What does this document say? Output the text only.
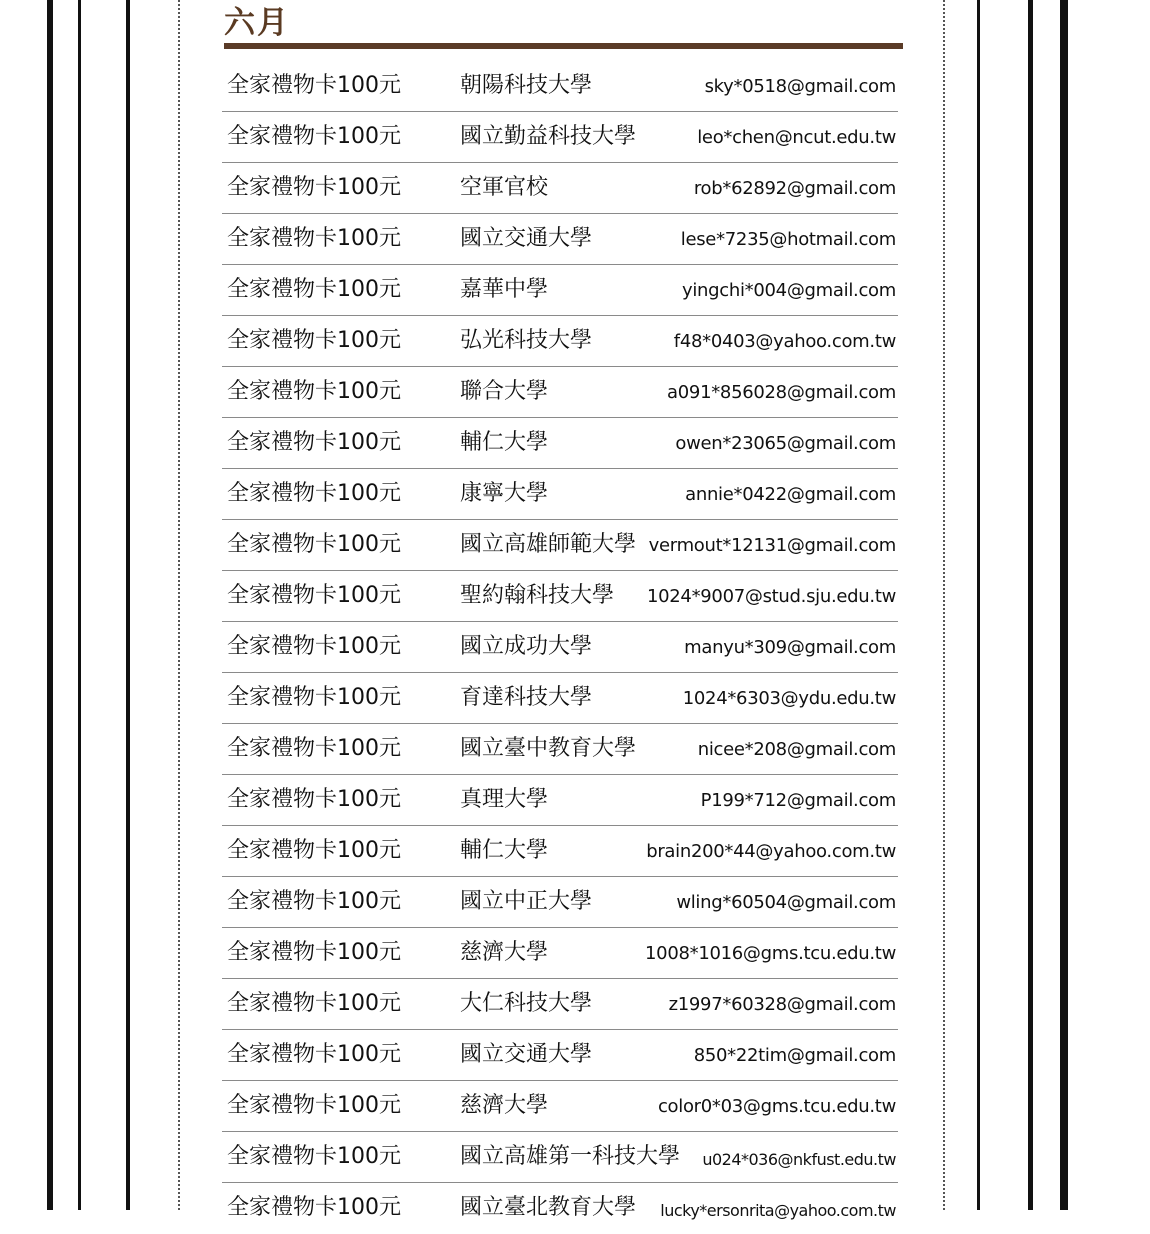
六月
全家禮物卡100元	朝陽科技大學	sky*0518@gmail.com
全家禮物卡100元	國立勤益科技大學	leo*chen@ncut.edu.tw
全家禮物卡100元	空軍官校	rob*62892@gmail.com
全家禮物卡100元	國立交通大學	lese*7235@hotmail.com
全家禮物卡100元	嘉華中學	yingchi*004@gmail.com
全家禮物卡100元	弘光科技大學	f48*0403@yahoo.com.tw
全家禮物卡100元	聯合大學	a091*856028@gmail.com
全家禮物卡100元	輔仁大學	owen*23065@gmail.com
全家禮物卡100元	康寧大學	annie*0422@gmail.com
全家禮物卡100元	國立高雄師範大學 vermout*12131@gmail.com
全家禮物卡100元	聖約翰科技大學 1024*9007@stud.sju.edu.tw
全家禮物卡100元	國立成功大學	manyu*309@gmail.com
全家禮物卡100元	育達科技大學	1024*6303@ydu.edu.tw
全家禮物卡100元	國立臺中教育大學	nicee*208@gmail.com
全家禮物卡100元	真理大學	P199*712@gmail.com
全家禮物卡100元	輔仁大學	brain200*44@yahoo.com.tw
全家禮物卡100元	國立中正大學	wling*60504@gmail.com
全家禮物卡100元	慈濟大學	1008*1016@gms.tcu.edu.tw
全家禮物卡100元	大仁科技大學	z1997*60328@gmail.com
全家禮物卡100元	國立交通大學	850*22tim@gmail.com
全家禮物卡100元	慈濟大學	color0*03@gms.tcu.edu.tw
全家禮物卡100元	國立高雄第一科技大學 u024*036@nkfust.edu.tw
全家禮物卡100元	國立臺北教育大學 lucky*ersonrita@yahoo.com.tw
